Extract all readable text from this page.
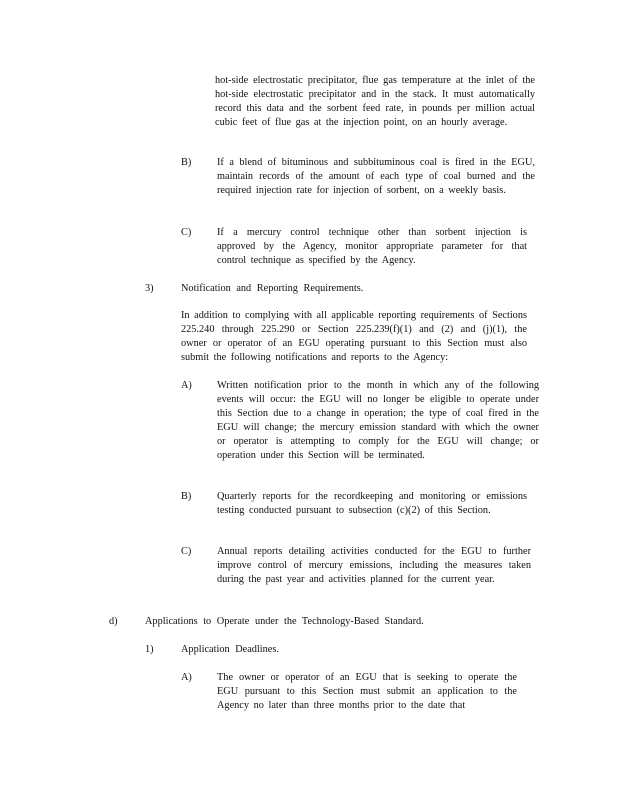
hot-side electrostatic precipitator, flue gas temperature at the inlet of the hot-side electrostatic precipitator and in the stack. It must automatically record this data and the sorbent feed rate, in pounds per million actual cubic feet of flue gas at the injection point, on an hourly average.
B) If a blend of bituminous and subbituminous coal is fired in the EGU, maintain records of the amount of each type of coal burned and the required injection rate for injection of sorbent, on a weekly basis.
C) If a mercury control technique other than sorbent injection is approved by the Agency, monitor appropriate parameter for that control technique as specified by the Agency.
3)	Notification and Reporting Requirements.
In addition to complying with all applicable reporting requirements of Sections 225.240 through 225.290 or Section 225.239(f)(1) and (2) and (j)(1), the owner or operator of an EGU operating pursuant to this Section must also submit the following notifications and reports to the Agency:
A) Written notification prior to the month in which any of the following events will occur: the EGU will no longer be eligible to operate under this Section due to a change in operation; the type of coal fired in the EGU will change; the mercury emission standard with which the owner or operator is attempting to comply for the EGU will change; or operation under this Section will be terminated.
B) Quarterly reports for the recordkeeping and monitoring or emissions testing conducted pursuant to subsection (c)(2) of this Section.
C) Annual reports detailing activities conducted for the EGU to further improve control of mercury emissions, including the measures taken during the past year and activities planned for the current year.
d)	Applications to Operate under the Technology-Based Standard.
1)	Application Deadlines.
A) The owner or operator of an EGU that is seeking to operate the EGU pursuant to this Section must submit an application to the Agency no later than three months prior to the date that
